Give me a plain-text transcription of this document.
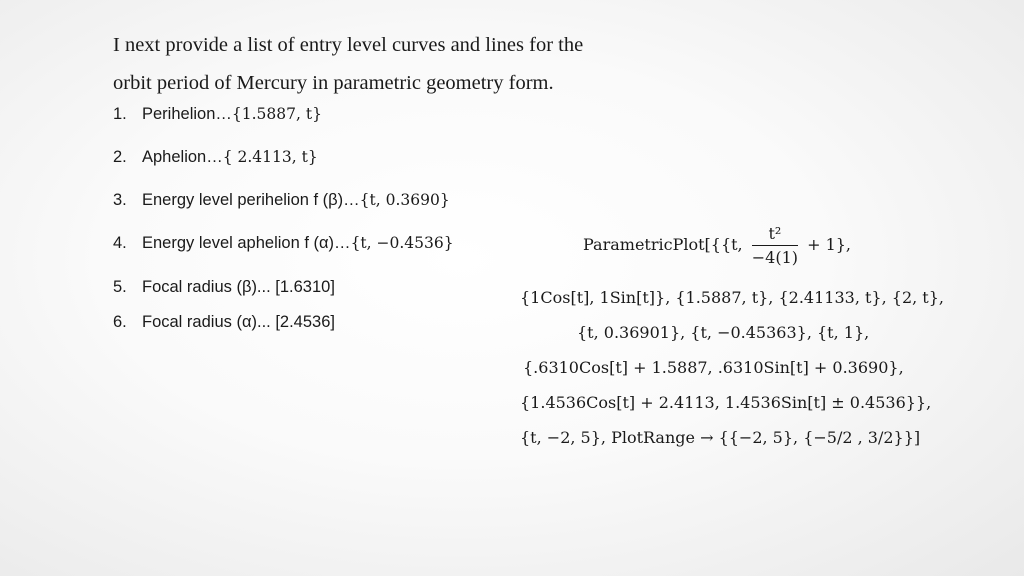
I next provide a list of entry level curves and lines for the
orbit period of Mercury in parametric geometry form.
1. Perihelion…{1.5887, t}
2. Aphelion…{ 2.4113, t}
3. Energy level perihelion f (β)…{t, 0.3690}
4. Energy level aphelion f (α)…{t, −0.4536}
5. Focal radius (β)... [1.6310]
6. Focal radius (α)... [2.4536]
ParametricPlot[{{t, $\frac{\text{t²}}{-4(1)} + 1$},
{1Cos[t], 1Sin[t]}, {1.5887, t}, {2.41133, t}, {2, t},
{t, 0.36901}, {t, −0.45363}, {t, 1},
{.6310Cos[t] + 1.5887, .6310Sin[t] + 0.3690},
{1.4536Cos[t] + 2.4113, 1.4536Sin[t] ± 0.4536}},
{t, −2, 5}, PlotRange → {{−2, 5}, {−5/2 , 3/2}}]
